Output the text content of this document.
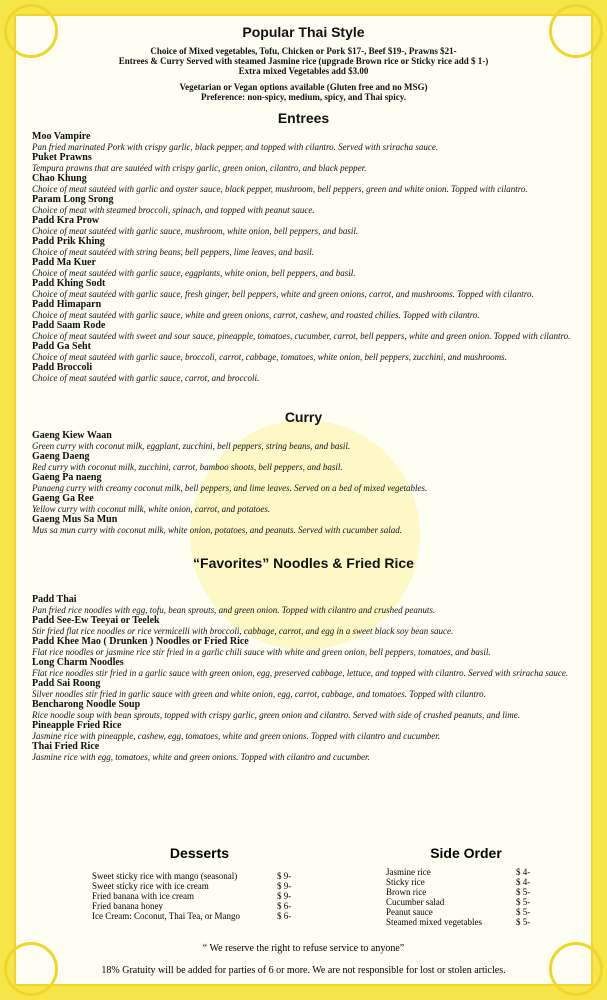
Popular Thai Style
Choice of Mixed vegetables, Tofu, Chicken or Pork $17-, Beef $19-, Prawns $21-
Entrees & Curry Served with steamed Jasmine rice (upgrade Brown rice or Sticky rice add $ 1-)
Extra mixed Vegetables add $3.00
Vegetarian or Vegan options available (Gluten free and no MSG)
Preference: non-spicy, medium, spicy, and Thai spicy.
Entrees
Moo Vampire
Pan fried marinated Pork with crispy garlic, black pepper, and topped with cilantro. Served with sriracha sauce.
Puket Prawns
Tempura prawns that are sautéed with crispy garlic, green onion, cilantro, and black pepper.
Chao Khung
Choice of meat sautéed with garlic and oyster sauce, black pepper, mushroom, bell peppers, green and white onion. Topped with cilantro.
Param Long Srong
Choice of meat with steamed broccoli, spinach, and topped with peanut sauce.
Padd Kra Prow
Choice of meat sautéed with garlic sauce, mushroom, white onion, bell peppers, and basil.
Padd Prik Khing
Choice of meat sautéed with string beans, bell peppers, lime leaves, and basil.
Padd Ma Kuer
Choice of meat sautéed with garlic sauce, eggplants, white onion, bell peppers, and basil.
Padd Khing Sodt
Choice of meat sautéed with garlic sauce, fresh ginger, bell peppers, white and green onions, carrot, and mushrooms. Topped with cilantro.
Padd Himaparn
Choice of meat sautéed with garlic sauce, white and green onions, carrot, cashew, and roasted chilies. Topped with cilantro.
Padd Saam Rode
Choice of meat sautéed with sweet and sour sauce, pineapple, tomatoes, cucumber, carrot, bell peppers, white and green onion. Topped with cilantro.
Padd Ga Seht
Choice of meat sautéed with garlic sauce, broccoli, carrot, cabbage, tomatoes, white onion, bell peppers, zucchini, and mushrooms.
Padd Broccoli
Choice of meat sautéed with garlic sauce, carrot, and broccoli.
Curry
Gaeng Kiew Waan
Green curry with coconut milk, eggplant, zucchini, bell peppers, string beans, and basil.
Gaeng Daeng
Red curry with coconut milk, zucchini, carrot, bamboo shoots, bell peppers, and basil.
Gaeng Pa naeng
Panaeng curry with creamy coconut milk, bell peppers, and lime leaves. Served on a bed of mixed vegetables.
Gaeng Ga Ree
Yellow curry with coconut milk, white onion, carrot, and potatoes.
Gaeng Mus Sa Mun
Mus sa mun curry with coconut milk, white onion, potatoes, and peanuts. Served with cucumber salad.
“Favorites” Noodles & Fried Rice
Padd Thai
Pan fried rice noodles with egg, tofu, bean sprouts, and green onion. Topped with cilantro and crushed peanuts.
Padd See-Ew Teeyai or Teelek
Stir fried flat rice noodles or rice vermicelli with broccoli, cabbage, carrot, and egg in a sweet black soy bean sauce.
Padd Khee Mao ( Drunken ) Noodles or Fried Rice
Flat rice noodles or jasmine rice stir fried in a garlic chili sauce with white and green onion, bell peppers, tomatoes, and basil.
Long Charm Noodles
Flat rice noodles stir fried in a garlic sauce with green onion, egg, preserved cabbage, lettuce, and topped with cilantro. Served with sriracha sauce.
Padd Sai Roong
Silver noodles stir fried in garlic sauce with green and white onion, egg, carrot, cabbage, and tomatoes. Topped with cilantro.
Bencharong Noodle Soup
Rice noodle soup with bean sprouts, topped with crispy garlic, green onion and cilantro. Served with side of crushed peanuts, and lime.
Pineapple Fried Rice
Jasmine rice with pineapple, cashew, egg, tomatoes, white and green onions. Topped with cilantro and cucumber.
Thai Fried Rice
Jasmine rice with egg, tomatoes, white and green onions. Topped with cilantro and cucumber.
Desserts
Sweet sticky rice with mango (seasonal)	$ 9-
Sweet sticky rice with ice cream	$ 9-
Fried banana with ice cream	$ 9-
Fried banana honey	$ 6-
Ice Cream: Coconut, Thai Tea, or Mango	$ 6-
Side Order
Jasmine rice	$ 4-
Sticky rice	$ 4-
Brown rice	$ 5-
Cucumber salad	$ 5-
Peanut sauce	$ 5-
Steamed mixed vegetables	$ 5-
“ We reserve the right to refuse service to anyone”
18% Gratuity will be added for parties of 6 or more. We are not responsible for lost or stolen articles.
